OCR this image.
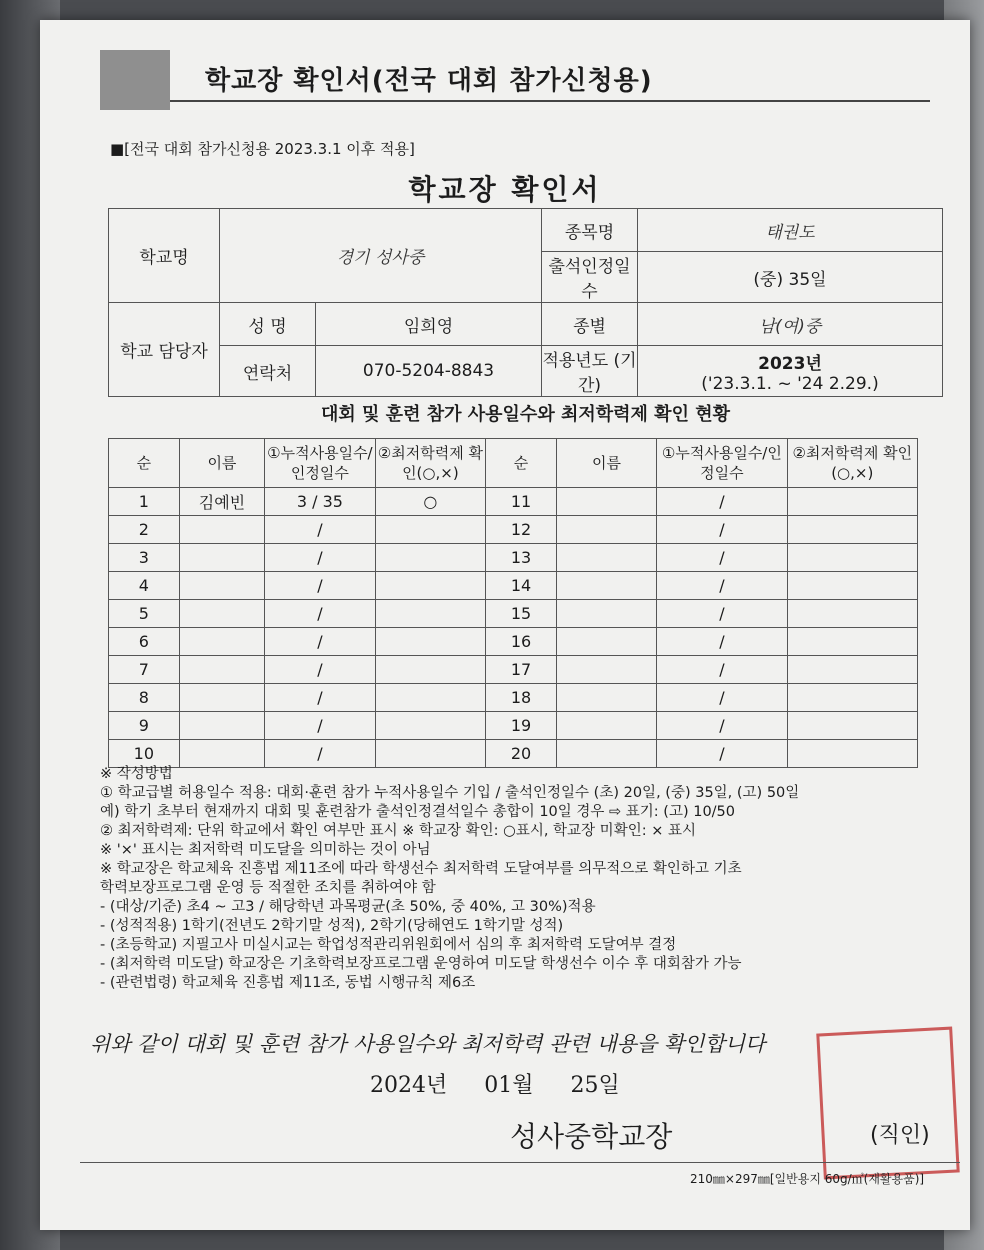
학교장 확인서(전국 대회 참가신청용)
■[전국 대회 참가신청용 2023.3.1 이후 적용]
학교장 확인서
학교명	경기 성사중		종목명	태권도
			출석인정일수	(중) 35일
학교 담당자	성 명	임희영	종별	남(여)중
	연락처	070-5204-8843	적용년도 (기간)	2023년
('23.3.1. ~ '24 2.29.)
대회 및 훈련 참가 사용일수와 최저학력제 확인 현황
순	이름	①누적사용일수/인정일수	②최저학력제 확인(○,×)	순	이름	①누적사용일수/인정일수	②최저학력제 확인(○,×)
1	김예빈	3 / 35	○	11		/	
2		/		12		/	
3		/		13		/	
4		/		14		/	
5		/		15		/	
6		/		16		/	
7		/		17		/	
8		/		18		/	
9		/		19		/	
10		/		20		/	
※ 작성방법
① 학교급별 허용일수 적용: 대회·훈련 참가 누적사용일수 기입 / 출석인정일수 (초) 20일, (중) 35일, (고) 50일
예) 학기 초부터 현재까지 대회 및 훈련참가 출석인정결석일수 총합이 10일 경우 ⇨ 표기: (고) 10/50
② 최저학력제: 단위 학교에서 확인 여부만 표시 ※ 학교장 확인: ○표시, 학교장 미확인: × 표시
※ '×' 표시는 최저학력 미도달을 의미하는 것이 아님
※ 학교장은 학교체육 진흥법 제11조에 따라 학생선수 최저학력 도달여부를 의무적으로 확인하고 기초
학력보장프로그램 운영 등 적절한 조치를 취하여야 함
- (대상/기준) 초4 ~ 고3 / 해당학년 과목평균(초 50%, 중 40%, 고 30%)적용
- (성적적용) 1학기(전년도 2학기말 성적), 2학기(당해연도 1학기말 성적)
- (초등학교) 지필고사 미실시교는 학업성적관리위원회에서 심의 후 최저학력 도달여부 결정
- (최저학력 미도달) 학교장은 기초학력보장프로그램 운영하여 미도달 학생선수 이수 후 대회참가 가능
- (관련법령) 학교체육 진흥법 제11조, 동법 시행규칙 제6조
위와 같이 대회 및 훈련 참가 사용일수와 최저학력 관련 내용을 확인합니다
2024년 01월 25일
성사중학교장	(직인)
210㎜×297㎜[일반용지 60g/㎡(재활용품)]
